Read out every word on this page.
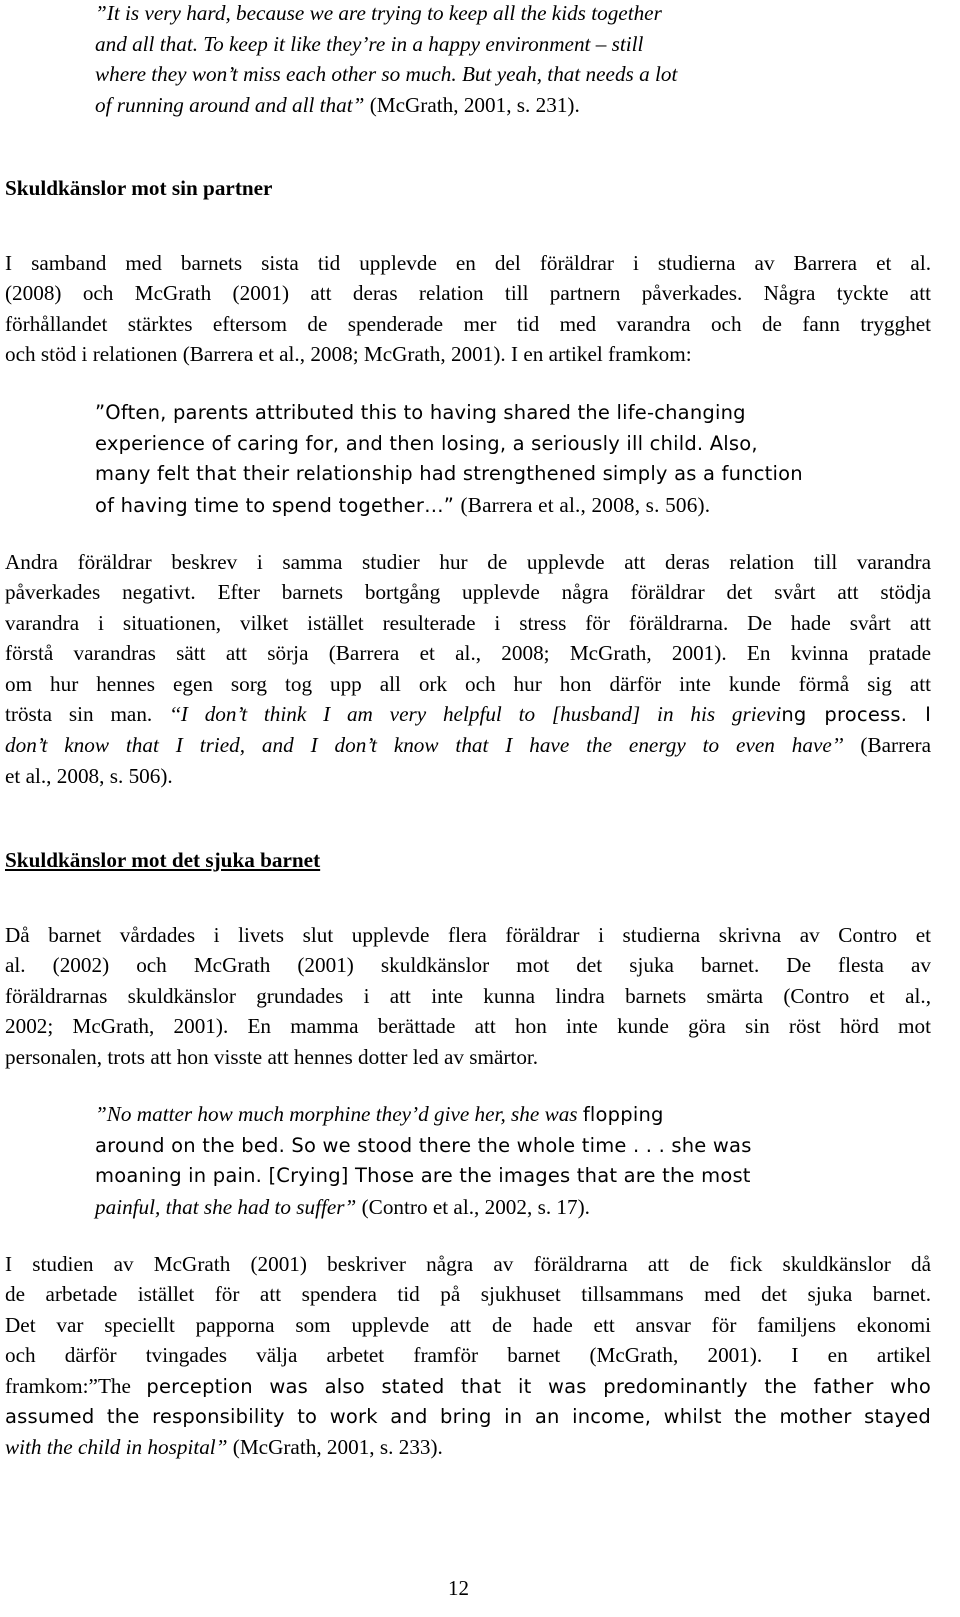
”It is very hard, because we are trying to keep all the kids together
and all that. To keep it like they’re in a happy environment – still
where they won’t miss each other so much. But yeah, that needs a lot
of running around and all that” (McGrath, 2001, s. 231).
Skuldkänslor mot sin partner
I samband med barnets sista tid upplevde en del föräldrar i studierna av Barrera et al.
(2008) och McGrath (2001) att deras relation till partnern påverkades. Några tyckte att
förhållandet stärktes eftersom de spenderade mer tid med varandra och de fann trygghet
och stöd i relationen (Barrera et al., 2008; McGrath, 2001). I en artikel framkom:
”Often, parents attributed this to having shared the life-changing
experience of caring for, and then losing, a seriously ill child. Also,
many felt that their relationship had strengthened simply as a function
of having time to spend together…” (Barrera et al., 2008, s. 506).
Andra föräldrar beskrev i samma studier hur de upplevde att deras relation till varandra
påverkades negativt. Efter barnets bortgång upplevde några föräldrar det svårt att stödja
varandra i situationen, vilket istället resulterade i stress för föräldrarna. De hade svårt att
förstå varandras sätt att sörja (Barrera et al., 2008; McGrath, 2001). En kvinna pratade
om hur hennes egen sorg tog upp all ork och hur hon därför inte kunde förmå sig att
trösta sin man. ‘‘I don’t think I am very helpful to [husband] in his grieving process. I
don’t know that I tried, and I don’t know that I have the energy to even have’’ (Barrera
et al., 2008, s. 506).
Skuldkänslor mot det sjuka barnet
Då barnet vårdades i livets slut upplevde flera föräldrar i studierna skrivna av Contro et
al. (2002) och McGrath (2001) skuldkänslor mot det sjuka barnet. De flesta av
föräldrarnas skuldkänslor grundades i att inte kunna lindra barnets smärta (Contro et al.,
2002; McGrath, 2001). En mamma berättade att hon inte kunde göra sin röst hörd mot
personalen, trots att hon visste att hennes dotter led av smärtor.
”No matter how much morphine they’d give her, she was flopping
around on the bed. So we stood there the whole time . . . she was
moaning in pain. [Crying] Those are the images that are the most
painful, that she had to suffer” (Contro et al., 2002, s. 17).
I studien av McGrath (2001) beskriver några av föräldrarna att de fick skuldkänslor då
de arbetade istället för att spendera tid på sjukhuset tillsammans med det sjuka barnet.
Det var speciellt papporna som upplevde att de hade ett ansvar för familjens ekonomi
och därför tvingades välja arbetet framför barnet (McGrath, 2001). I en artikel
framkom:”The perception was also stated that it was predominantly the father who
assumed the responsibility to work and bring in an income, whilst the mother stayed
with the child in hospital” (McGrath, 2001, s. 233).
12
